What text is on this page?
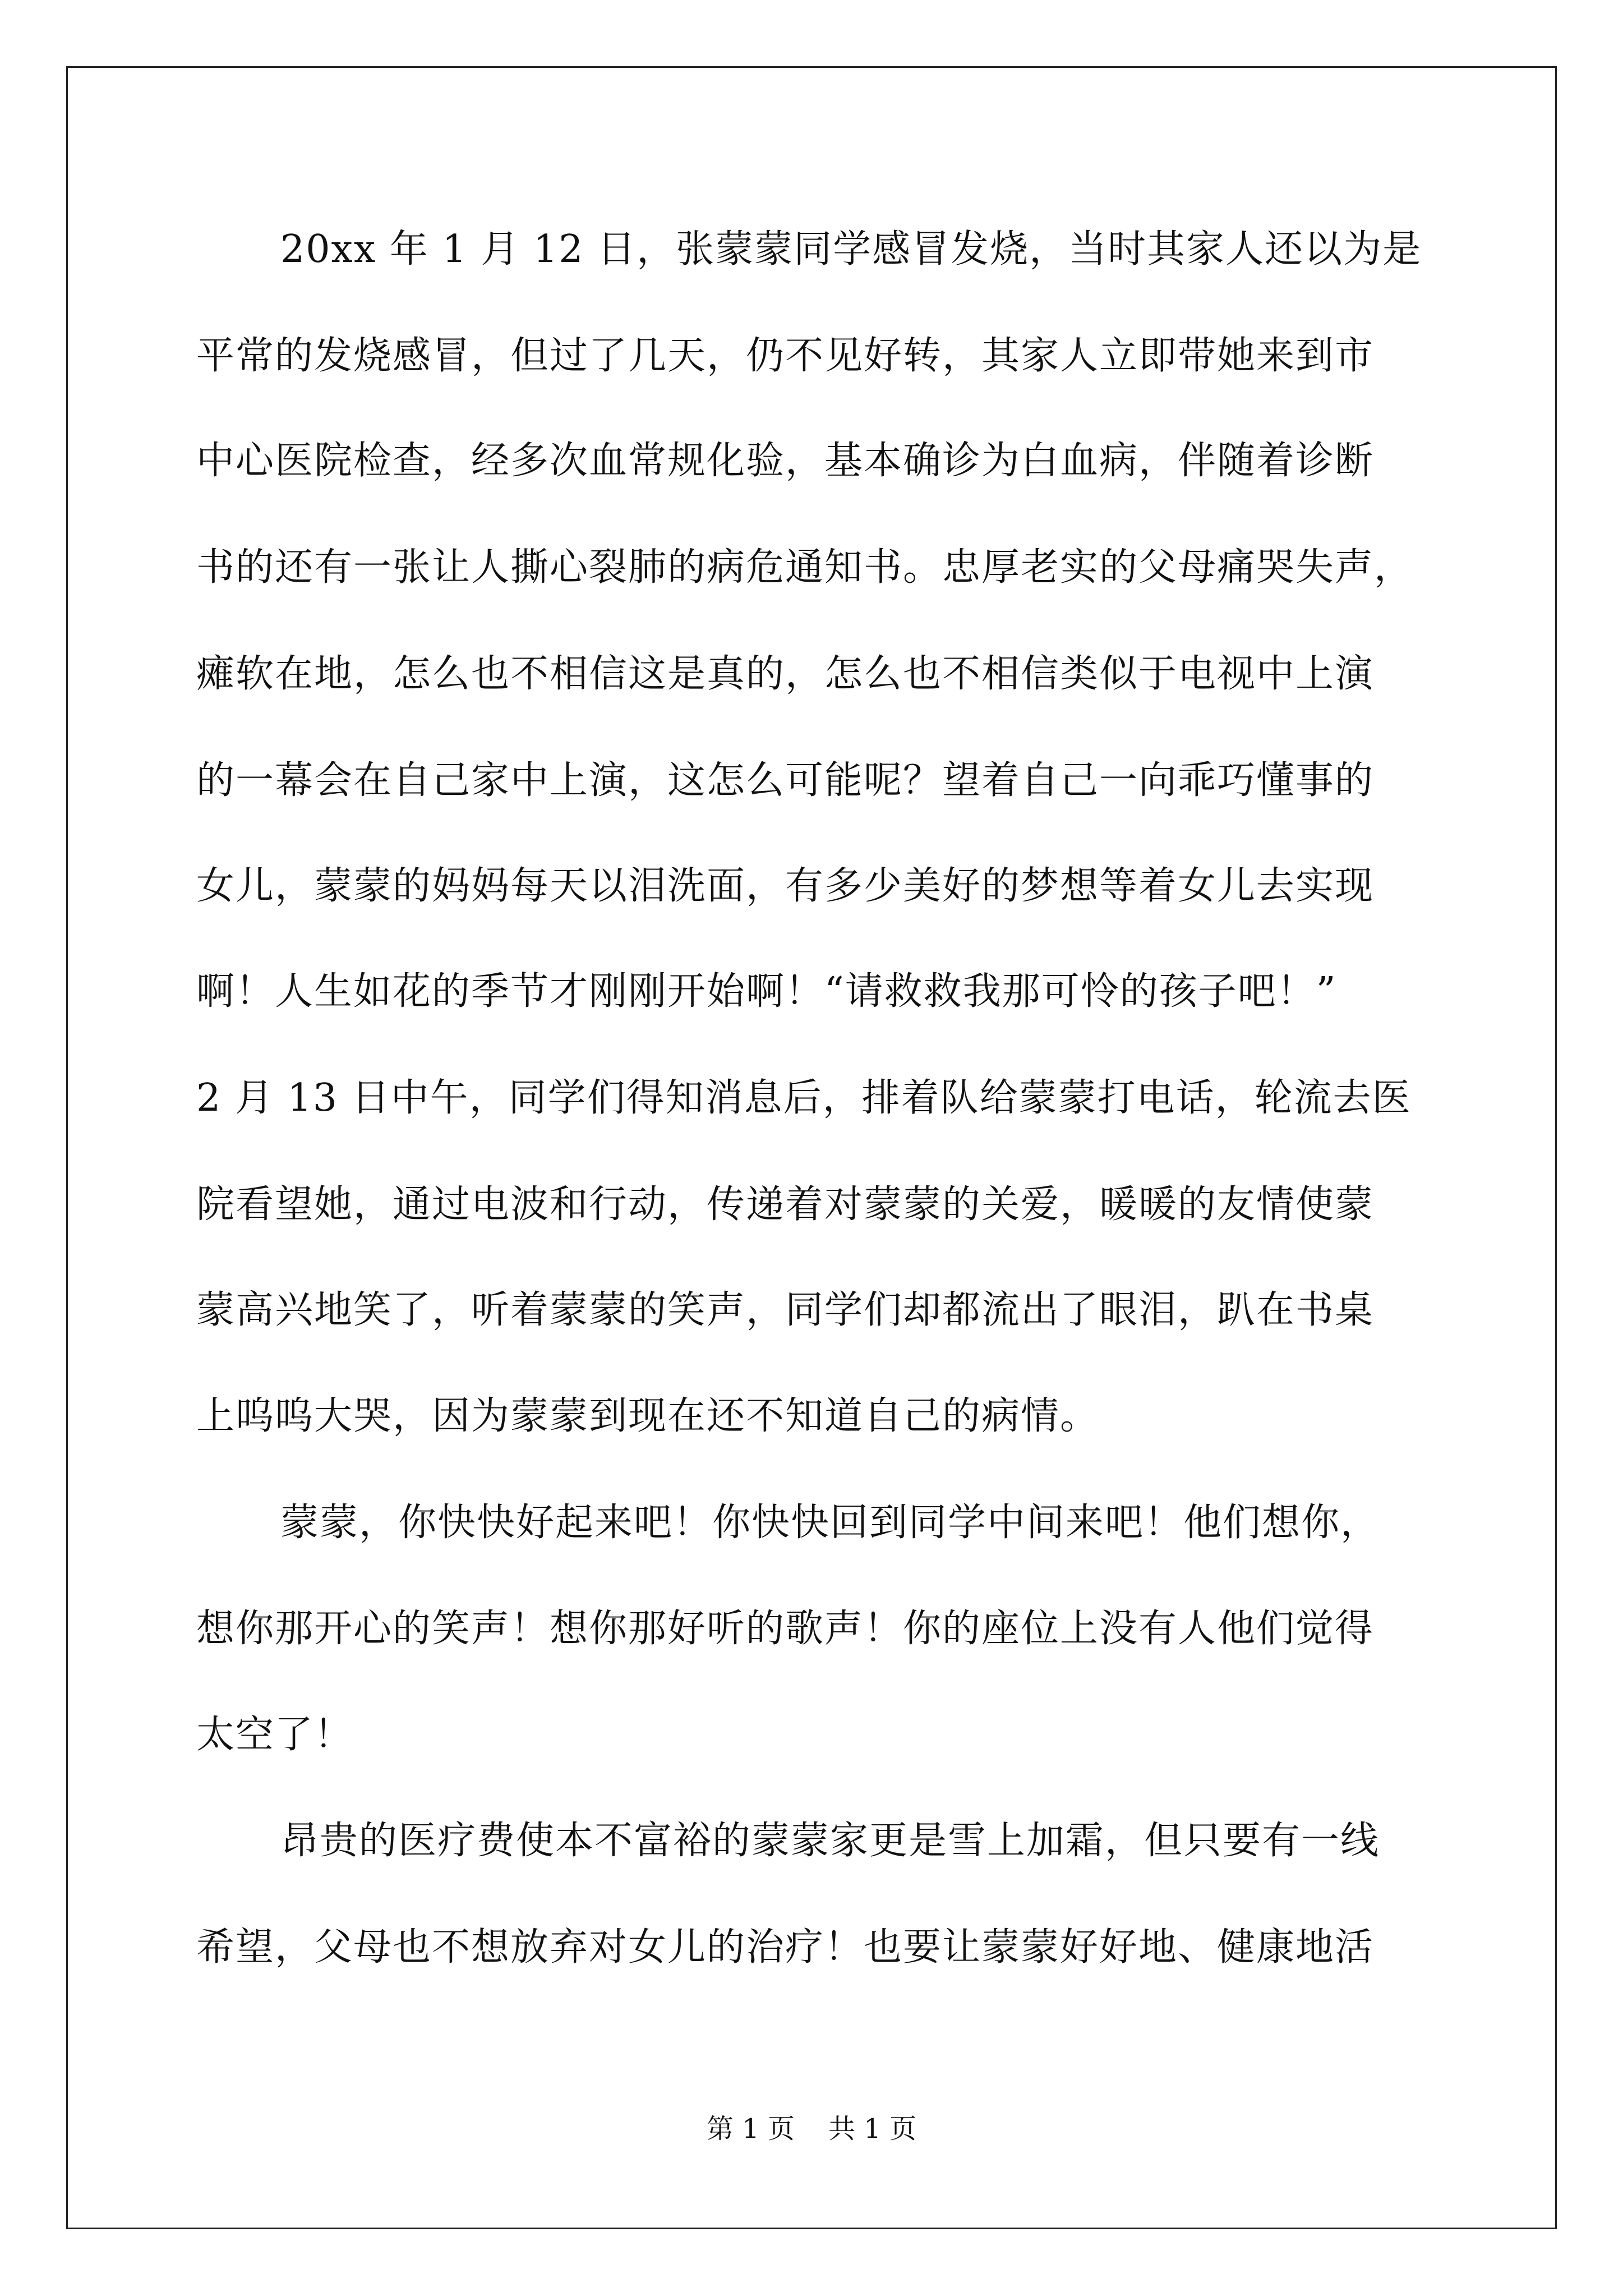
20xx 年 1 月 12 日，张蒙蒙同学感冒发烧，当时其家人还以为是
平常的发烧感冒，但过了几天，仍不见好转，其家人立即带她来到市
中心医院检查，经多次血常规化验，基本确诊为白血病，伴随着诊断
书的还有一张让人撕心裂肺的病危通知书。忠厚老实的父母痛哭失声，
瘫软在地，怎么也不相信这是真的，怎么也不相信类似于电视中上演
的一幕会在自己家中上演，这怎么可能呢？望着自己一向乖巧懂事的
女儿，蒙蒙的妈妈每天以泪洗面，有多少美好的梦想等着女儿去实现
啊！人生如花的季节才刚刚开始啊！“请救救我那可怜的孩子吧！”
2 月 13 日中午，同学们得知消息后，排着队给蒙蒙打电话，轮流去医
院看望她，通过电波和行动，传递着对蒙蒙的关爱，暖暖的友情使蒙
蒙高兴地笑了，听着蒙蒙的笑声，同学们却都流出了眼泪，趴在书桌
上呜呜大哭，因为蒙蒙到现在还不知道自己的病情。
蒙蒙，你快快好起来吧！你快快回到同学中间来吧！他们想你，
想你那开心的笑声！想你那好听的歌声！你的座位上没有人他们觉得
太空了！
昂贵的医疗费使本不富裕的蒙蒙家更是雪上加霜，但只要有一线
希望，父母也不想放弃对女儿的治疗！也要让蒙蒙好好地、健康地活
第 1 页 共 1 页
